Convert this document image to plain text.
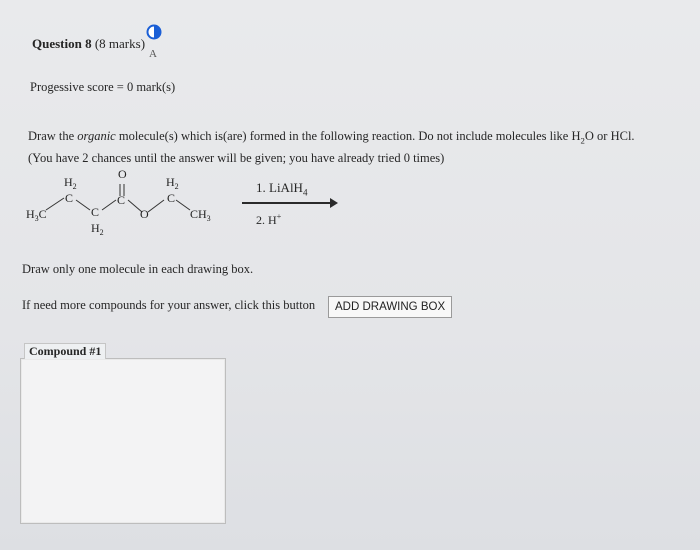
Question 8 (8 marks)
A
Progessive score = 0 mark(s)
Draw the organic molecule(s) which is(are) formed in the following reaction. Do not include molecules like $H_2O$ or HCl.
(You have 2 chances until the answer will be given; you have already tried 0 times)
$H_2$
C
$H_3C$	C
$H_2$
O
C
O
$H_2$
C
$CH_3$
1. LiAlH$_4$
2. H+
Draw only one molecule in each drawing box.
If need more compounds for your answer, click this button	ADD DRAWING BOX
Compound #1
